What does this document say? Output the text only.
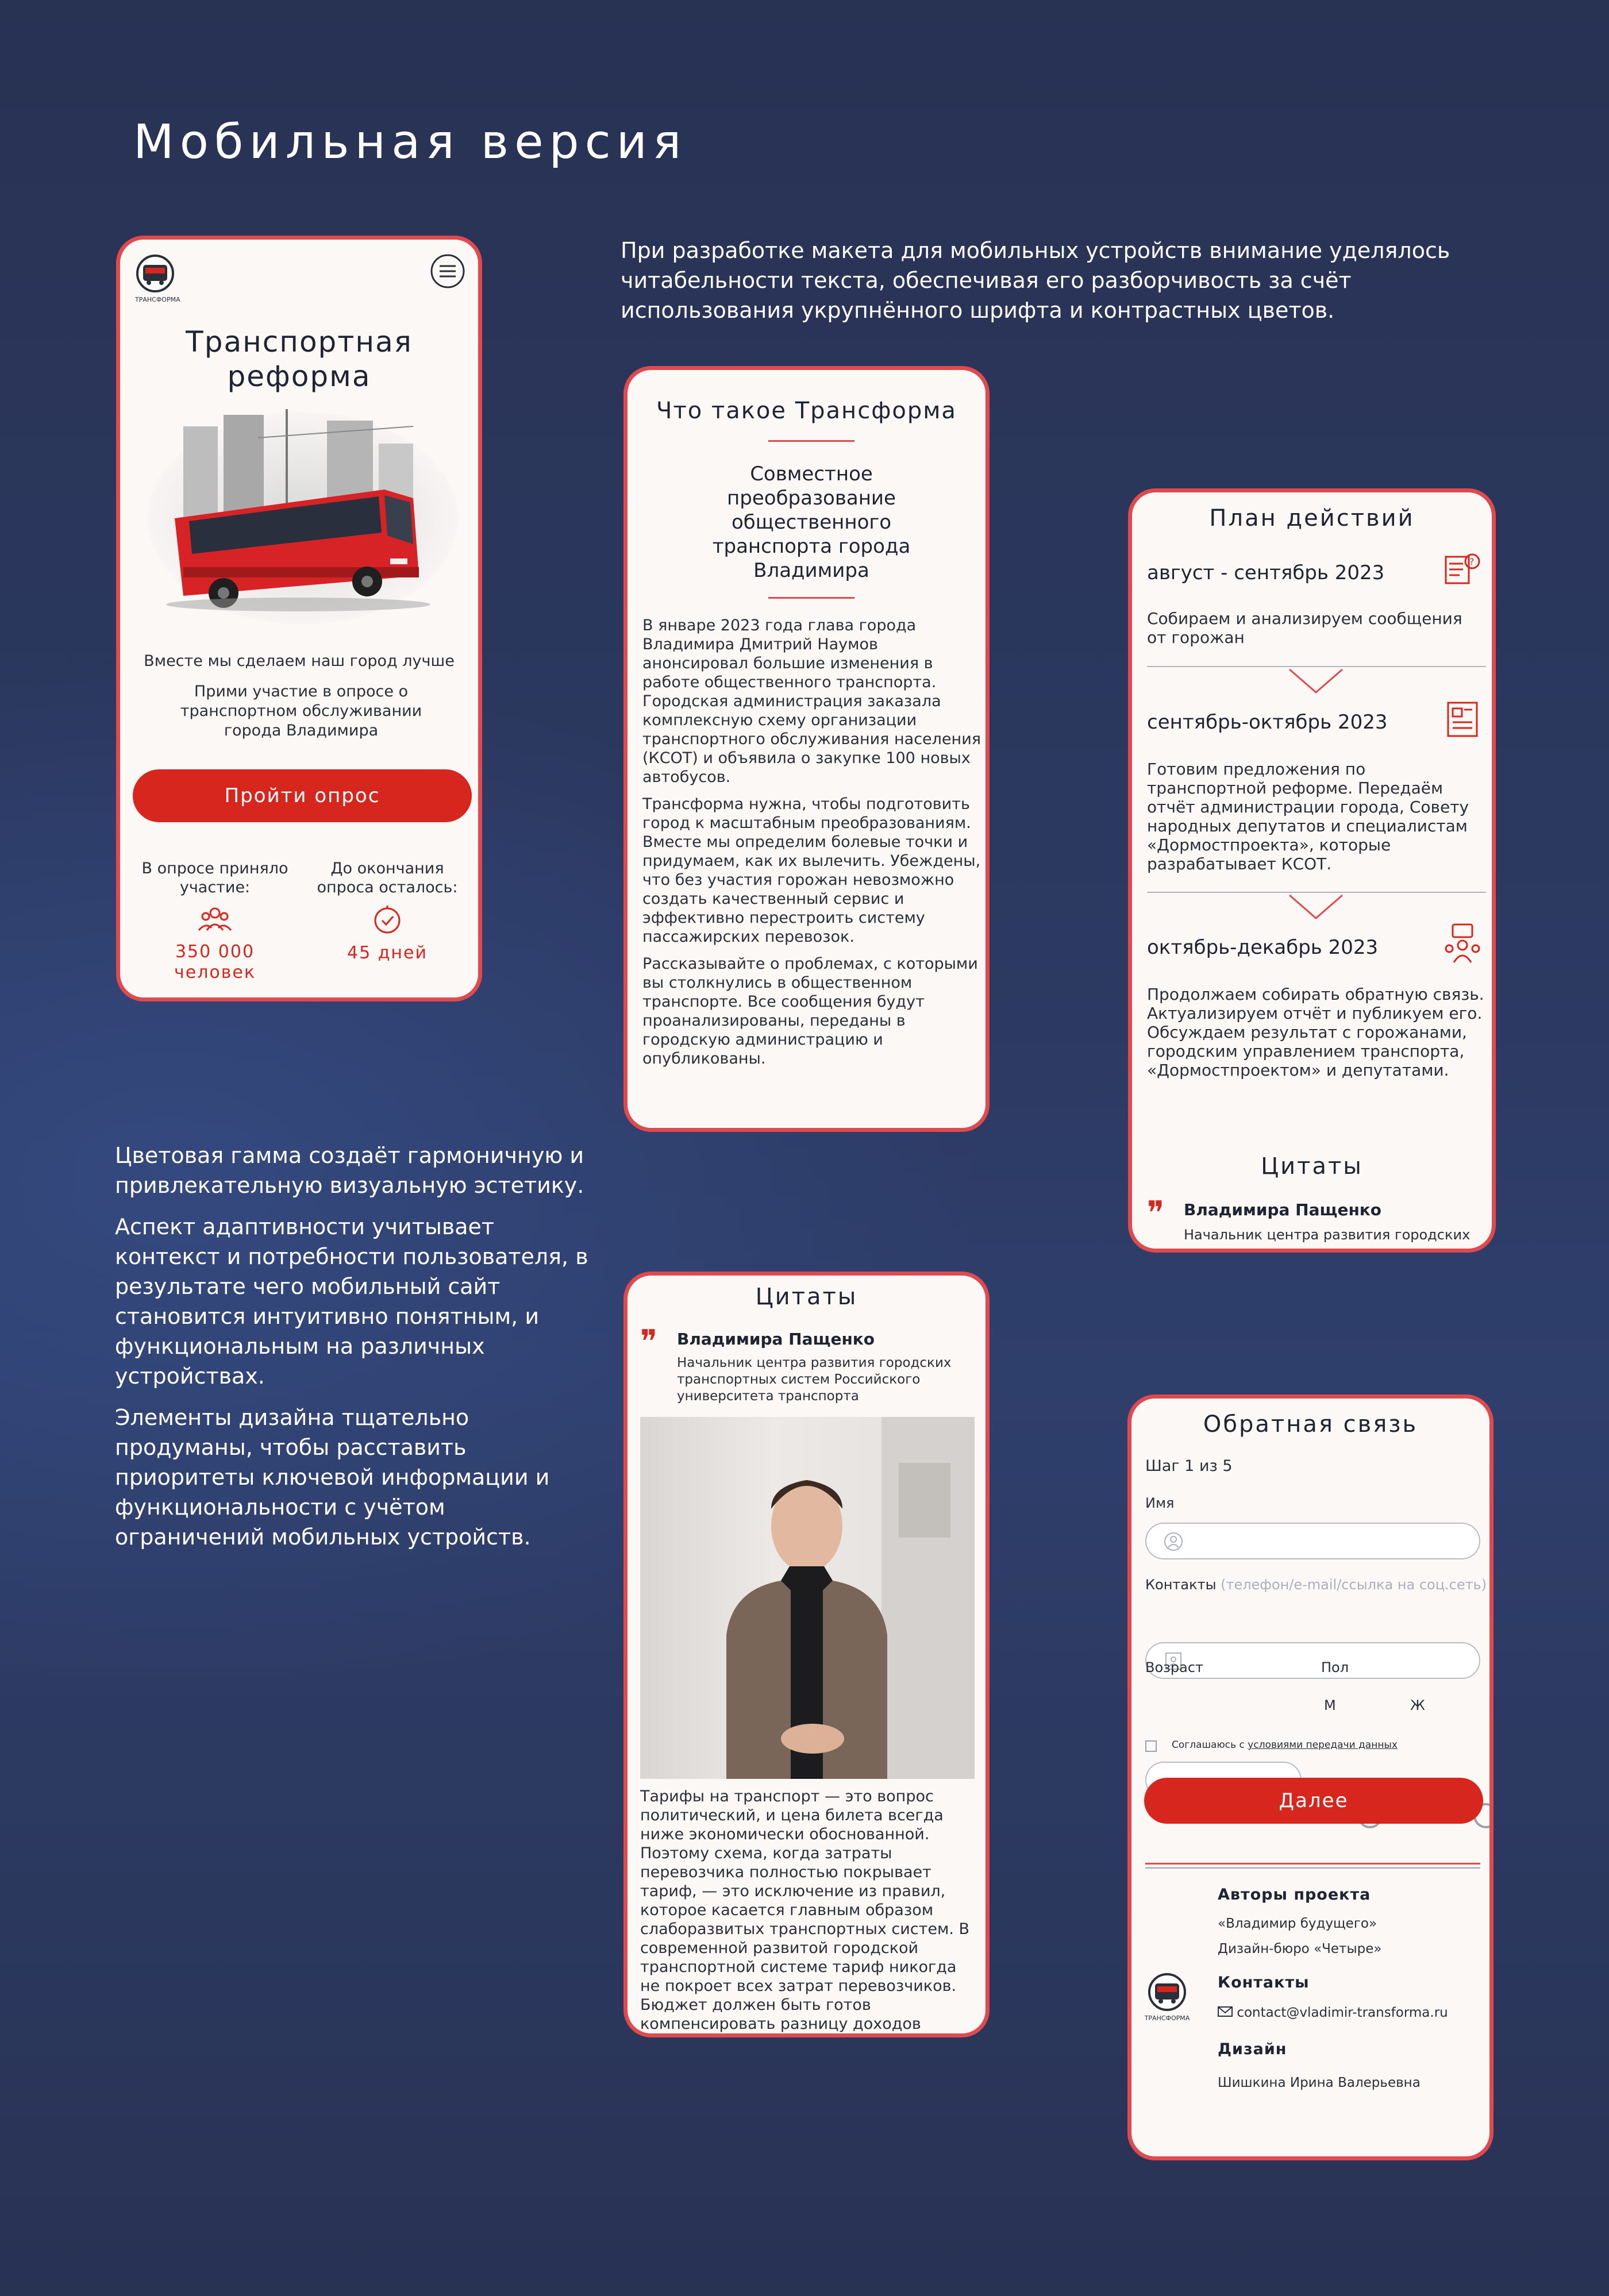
Мобильная версия
При разработке макета для мобильных устройств внимание уделялось читабельности текста, обеспечивая его разборчивость за счёт использования укрупнённого шрифта и контрастных цветов.

Цветовая гамма создаёт гармоничную и привлекательную визуальную эстетику.

Аспект адаптивности учитывает контекст и потребности пользователя, в результате чего мобильный сайт становится интуитивно понятным, и функциональным на различных устройствах.

Элементы дизайна тщательно продуманы, чтобы расставить приоритеты ключевой информации и функциональности с учётом ограничений мобильных устройств.

ТРАНСФОРМА
Транспортная
реформа
Вместе мы сделаем наш город лучше
Прими участие в опросе о транспортном обслуживании города Владимира
Пройти опрос
В опросе приняло участие:
350 000
человек
До окончания опроса осталось:
45 дней
Что такое Трансформа
Совместное преобразование общественного транспорта города Владимира

В январе 2023 года глава города Владимира Дмитрий Наумов анонсировал большие изменения в работе общественного транспорта. Городская администрация заказала комплексную схему организации транспортного обслуживания населения (КСОТ) и объявила о закупке 100 новых автобусов.

Трансформа нужна, чтобы подготовить город к масштабным преобразованиям. Вместе мы определим болевые точки и придумаем, как их вылечить. Убеждены, что без участия горожан невозможно создать качественный сервис и эффективно перестроить систему пассажирских перевозок.

Рассказывайте о проблемах, с которыми вы столкнулись в общественном транспорте. Все сообщения будут проанализированы, переданы в городскую администрацию и опубликованы.

План действий
август - сентябрь 2023	?
Собираем и анализируем сообщения от горожан
сентябрь-октябрь 2023
Готовим предложения по транспортной реформе. Передаём отчёт администрации города, Совету народных депутатов и специалистам «Дормостпроекта», которые разрабатывает КСОТ.
октябрь-декабрь 2023
Продолжаем собирать обратную связь. Актуализируем отчёт и публикуем его. Обсуждаем результат с горожанами, городским управлением транспорта, «Дормостпроектом» и депутатами.
Цитаты
❞ Владимира Пащенко
Начальник центра развития городских
Цитаты
❞ Владимира Пащенко
Начальник центра развития городских транспортных систем Российского университета транспорта
Тарифы на транспорт — это вопрос политический, и цена билета всегда ниже экономически обоснованной. Поэтому схема, когда затраты перевозчика полностью покрывает тариф, — это исключение из правил, которое касается главным образом слаборазвитых транспортных систем. В современной развитой городской транспортной системе тариф никогда не покроет всех затрат перевозчиков. Бюджет должен быть готов компенсировать разницу доходов
Обратная связь
Шаг 1 из 5
Имя
Контакты (телефон/e-mail/ссылка на соц.сеть)
Возраст	Пол
М
	Ж
Соглашаюсь с условиями передачи данных
Далее
ТРАНСФОРМА
Авторы проекта
«Владимир будущего»
Дизайн-бюро «Четыре»
Контакты
contact@vladimir-transforma.ru
Дизайн
Шишкина Ирина Валерьевна
